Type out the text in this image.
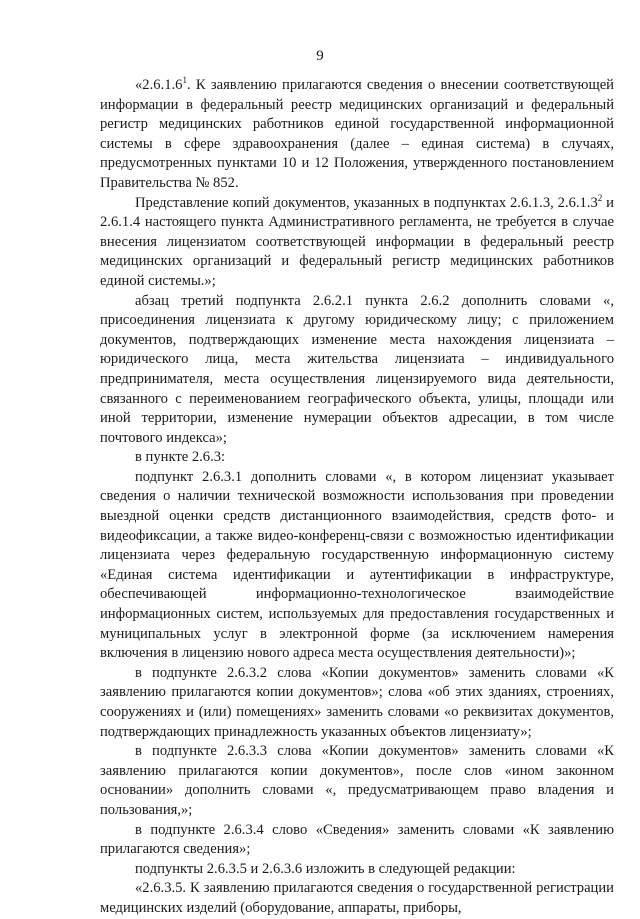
9

«2.6.1.6$^1$. К заявлению прилагаются сведения о внесении соответствующей информации в федеральный реестр медицинских организаций и федеральный регистр медицинских работников единой государственной информационной системы в сфере здравоохранения (далее – единая система) в случаях, предусмотренных пунктами 10 и 12 Положения, утвержденного постановлением Правительства № 852.

Представление копий документов, указанных в подпунктах 2.6.1.3, 2.6.1.3$^2$ и 2.6.1.4 настоящего пункта Административного регламента, не требуется в случае внесения лицензиатом соответствующей информации в федеральный реестр медицинских организаций и федеральный регистр медицинских работников единой системы.»;

абзац третий подпункта 2.6.2.1 пункта 2.6.2 дополнить словами «, присоединения лицензиата к другому юридическому лицу; с приложением документов, подтверждающих изменение места нахождения лицензиата – юридического лица, места жительства лицензиата – индивидуального предпринимателя, места осуществления лицензируемого вида деятельности, связанного с переименованием географического объекта, улицы, площади или иной территории, изменение нумерации объектов адресации, в том числе почтового индекса»;

в пункте 2.6.3:

подпункт 2.6.3.1 дополнить словами «, в котором лицензиат указывает сведения о наличии технической возможности использования при проведении выездной оценки средств дистанционного взаимодействия, средств фото- и видеофиксации, а также видео-конференц-связи с возможностью идентификации лицензиата через федеральную государственную информационную систему «Единая система идентификации и аутентификации в инфраструктуре, обеспечивающей информационно-технологическое взаимодействие информационных систем, используемых для предоставления государственных и муниципальных услуг в электронной форме (за исключением намерения включения в лицензию нового адреса места осуществления деятельности)»;

в подпункте 2.6.3.2 слова «Копии документов» заменить словами «К заявлению прилагаются копии документов»; слова «об этих зданиях, строениях, сооружениях и (или) помещениях» заменить словами «о реквизитах документов, подтверждающих принадлежность указанных объектов лицензиату»;

в подпункте 2.6.3.3 слова «Копии документов» заменить словами «К заявлению прилагаются копии документов», после слов «ином законном основании» дополнить словами «, предусматривающем право владения и пользования,»;

в подпункте 2.6.3.4 слово «Сведения» заменить словами «К заявлению прилагаются сведения»;

подпункты 2.6.3.5 и 2.6.3.6 изложить в следующей редакции:

«2.6.3.5. К заявлению прилагаются сведения о государственной регистрации медицинских изделий (оборудование, аппараты, приборы,
